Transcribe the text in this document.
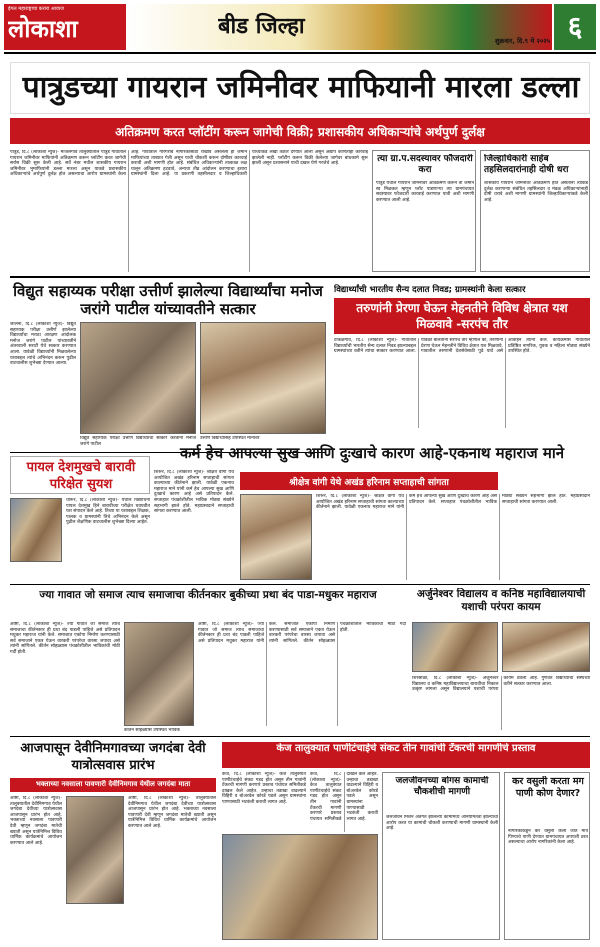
ईगल महाराष्ट्राचा करारा आवाज
लोकाशा	बीड जिल्हा
शुक्रवार, दि.९ मे २०२५ ६
पात्रुडच्या गायरान जमिनीवर माफियानी मारला डल्ला
अतिक्रमण करत प्लॉटींग करून जागेची विक्री; प्रशासकीय अधिकाऱ्यांचे अर्थपुर्ण दुर्लक्ष
पात्रुड, दि.८ (लोकाशा न्युज)- माजलगाव तालुक्यातील पात्रुड गावातील गायरान जमिनीवर माफियांनी अतिक्रमण करून प्लॉटींग करत जागेची सर्रास विक्री सुरू केली आहे. सर्वे नंबर मधील शासकीय गायरान जमिनीवर भुमाफियांनी डल्ला मारला असून याकडे प्रशासकीय अधिकाऱ्यांचे अर्थपुर्ण दुर्लक्ष होत असल्याचा आरोप ग्रामस्थांनी केला आहे. गावातील गोरगरीब नागरिकांसाठी राखीव असलेली ही जमीन माफियांच्या ताब्यात गेली असून याची चौकशी करून दोषींवर कारवाई करावी अशी मागणी होत आहे. संबंधित अधिकाऱ्यांनी तात्काळ लक्ष घालून अतिक्रमण हटवावे, अन्यथा तीव्र आंदोलन करण्याचा इशारा ग्रामस्थांनी दिला आहे. या प्रकरणी तहसीलदार व जिल्हाधिकारी यांच्याकडे लेखी तक्रार देण्यात आली असून अद्याप कोणतीही कारवाई झालेली नाही. प्लॉटींग करून विक्री केलेल्या जागेवर बांधकामे सुरू झाली असून प्रशासनाने याची दखल घेणे गरजेचे आहे.	त्या ग्रा.प.सदस्यावर फौजदारी करा
पात्रुड येथील गायरान जमिनीवर अतिक्रमण करून ती जमीन स्व मिळकत म्हणून प्लॉट पाडणाऱ्या त्या ग्रामपंचायत सदस्यावर फौजदारी कारवाई करण्यात यावी अशी मागणी करण्यात आली आहे.
जिल्हाधिकारी साहेब तहसिलदारांनाही दोषी धरा
शासकीय गायरान जमिनीवर अतिक्रमण होत असताना त्याकडे दुर्लक्ष करणाऱ्या संबंधित तहसिलदार व मंडळ अधिकाऱ्यांनाही दोषी धरावे अशी मागणी ग्रामस्थांनी जिल्हाधिकाऱ्यांकडे केली आहे.
विद्युत सहाय्यक परीक्षा उत्तीर्ण झालेल्या विद्यार्थ्यांचा मनोज जरांगे पाटील यांच्यावतीने सत्कार
जालना, दि.८ (लोकाशा न्युज)- विद्युत सहाय्यक परीक्षा उत्तीर्ण झालेल्या विद्यार्थ्यांचा मराठा आरक्षण आंदोलक मनोज जरांगे पाटील यांच्यावतीने अंतरवाली सराटी येथे सत्कार करण्यात आला. यावेळी विद्यार्थ्यांनी मिळवलेल्या यशाबद्दल त्यांचे अभिनंदन करून पुढील वाटचालीस शुभेच्छा देण्यात आल्या.
विद्युत सहाय्यक परीक्षा उत्तीर्ण विद्यार्थ्यांचा सत्कार करताना मनोज जरांगे पाटील
उत्तीर्ण विद्यार्थ्यांसह उपस्थित मान्यवर
विद्यार्थ्यांची भारतीय सैन्य दलात निवड; ग्रामस्थांनी केला सत्कार
तरुणांनी प्रेरणा घेऊन मेहनतीने विविध क्षेत्रात यश मिळवावे -सरपंच तौर
टाकळगाव, दि.८ (लोकाशा न्युज)- गावातील विद्यार्थ्यांची भारतीय सैन्य दलात निवड झाल्याबद्दल ग्रामस्थांच्या वतीने त्यांचा सत्कार करण्यात आला. यावेळी बोलताना सरपंच तौर म्हणाले की, तरुणांनी प्रेरणा घेऊन मेहनतीने विविध क्षेत्रात यश मिळवावे. गावातील तरुणांनी देशसेवेसाठी पुढे यावे असे आवाहन त्यांनी केले. कार्यक्रमास गावातील प्रतिष्ठित नागरिक, युवक व महिला मोठ्या संख्येने उपस्थित होते.
पायल देशमुखचे बारावी परिक्षेत सुयश
धारूर, दि.८ (लोकाशा न्युज)- येथील विद्यार्थिनी पायल देशमुख हिने बारावीच्या परीक्षेत घवघवीत यश संपादन केले आहे. तिच्या या यशाबद्दल शिक्षक, पालक व ग्रामस्थांनी तिचे अभिनंदन केले असून पुढील शैक्षणिक वाटचालीस शुभेच्छा दिल्या आहेत.
कर्म हेच आपल्या सुख आणि दुःखाचे कारण आहे-एकनाथ महाराज माने
शिरूर, दि.८ (लोकाशा न्युज)- श्रीक्षेत्र वांगी येथे आयोजित अखंड हरिनाम सप्ताहाची सांगता काल्याच्या कीर्तनाने झाली. यावेळी एकनाथ महाराज माने यांनी कर्म हेच आपल्या सुख आणि दुःखाचे कारण आहे असे प्रतिपादन केले. सप्ताहात पंचक्रोशीतील भाविक मोठ्या संख्येने सहभागी झाले होते. महाप्रसादाने सप्ताहाची सांगता करण्यात आली.
श्रीक्षेत्र वांगी येथे अखंड हरिनाम सप्ताहाची सांगता
शिरूर, दि.८ (लोकाशा न्युज)- श्रीक्षेत्र वांगी येथे आयोजित अखंड हरिनाम सप्ताहाची सांगता काल्याच्या कीर्तनाने झाली. यावेळी एकनाथ महाराज माने यांनी कर्म हेच आपल्या सुख आणि दुःखाचे कारण आहे असे प्रतिपादन केले. सप्ताहात पंचक्रोशीतील भाविक मोठ्या संख्येने सहभागी झाले होते. महाप्रसादाने सप्ताहाची सांगता करण्यात आली.
ज्या गावात जो समाज त्याच समाजाचा कीर्तनकार बुकीच्या प्रथा बंद पाडा-मधुकर महाराज
आष्टी, दि.८ (लोकाशा न्युज)- ज्या गावात जो समाज त्याच समाजाचा कीर्तनकार ही प्रथा बंद पाडली पाहिजे असे प्रतिपादन मधुकर महाराज यांनी केले. समाजात एकोपा निर्माण करण्यासाठी सर्व समाजाने एकत्र येऊन वारकरी परंपरेचा वारसा जपावा असे त्यांनी सांगितले. कीर्तन सोहळ्यास पंचक्रोशीतील भाविकांची मोठी गर्दी होती.
कीर्तन सोहळ्यास उपस्थित भाविक
आष्टी, दि.८ (लोकाशा न्युज)- ज्या गावात जो समाज त्याच समाजाचा कीर्तनकार ही प्रथा बंद पाडली पाहिजे असे प्रतिपादन मधुकर महाराज यांनी केले. समाजात एकोपा निर्माण करण्यासाठी सर्व समाजाने एकत्र येऊन वारकरी परंपरेचा वारसा जपावा असे त्यांनी सांगितले. कीर्तन सोहळ्यास पंचक्रोशीतील भाविकांची मोठी गर्दी होती.
अर्जुनेश्वर विद्यालय व कनिष्ठ महाविद्यालयाची यशाची परंपरा कायम
शिरसाळा, दि.८ (लोकाशा न्युज)- अर्जुनेश्वर विद्यालय व कनिष्ठ महाविद्यालयाचा बारावीचा निकाल उत्कृष्ट लागला असून विद्यालयाने यशाची परंपरा कायम ठेवली आहे. गुणवंत विद्यार्थ्यांचा संस्थेच्या वतीने सत्कार करण्यात आला.
आजपासून देवीनिमगावच्या जगदंबा देवी यात्रोत्सवास प्रारंभ
भक्ताच्या नवसाला पावणारी देवीनिमगाव येथील जगदंबा माता
आष्टी, दि.८ (लोकाशा न्युज)- तालुक्यातील देवीनिमगाव येथील जगदंबा देवीच्या यात्रोत्सवास आजपासून प्रारंभ होत आहे. भक्ताच्या नवसाला पावणारी देवी म्हणून जगदंबा मातेची ख्याती असून यात्रेनिमित्त विविध धार्मिक कार्यक्रमांचे आयोजन करण्यात आले आहे.
आष्टी, दि.८ (लोकाशा न्युज)- तालुक्यातील देवीनिमगाव येथील जगदंबा देवीच्या यात्रोत्सवास आजपासून प्रारंभ होत आहे. भक्ताच्या नवसाला पावणारी देवी म्हणून जगदंबा मातेची ख्याती असून यात्रेनिमित्त विविध धार्मिक कार्यक्रमांचे आयोजन करण्यात आले आहे.
केज तालुक्यात पाणीटंचाईचे संकट तीन गावांची टँकरची मागणीचे प्रस्ताव
केज, दि.८ (लोकाशा न्युज)- केज तालुक्यात पाणीटंचाईचे संकट गडद होत असून तीन गावांनी टँकरची मागणी करणारे प्रस्ताव पंचायत समितीकडे दाखल केले आहेत. उन्हाचा तडाखा वाढल्याने विहिरी व बोअरवेल कोरडे पडले असून ग्रामस्थांना पाण्यासाठी भटकंती करावी लागत आहे.
केज, दि.८ (लोकाशा न्युज)- केज तालुक्यात पाणीटंचाईचे संकट गडद होत असून तीन गावांनी टँकरची मागणी करणारे प्रस्ताव पंचायत समितीकडे दाखल केले आहेत. उन्हाचा तडाखा वाढल्याने विहिरी व बोअरवेल कोरडे पडले असून ग्रामस्थांना पाण्यासाठी भटकंती करावी लागत आहे.
जलजीवनच्या बोगस कामाची चौकशीची मागणी
जलजीवन मिशन अंतर्गत झालेल्या कामांमध्ये अनियमितता झाल्याचा आरोप करत या कामांची चौकशी करण्याची मागणी ग्रामस्थांनी केली आहे.
कर वसुली करता मग पाणी कोण देणार?
नागरिकांकडून कर वसुली केली जाते मात्र पिण्याचे पाणी देण्यात ग्रामपंचायत अपयशी ठरत असल्याचा आरोप नागरिकांनी केला आहे.
